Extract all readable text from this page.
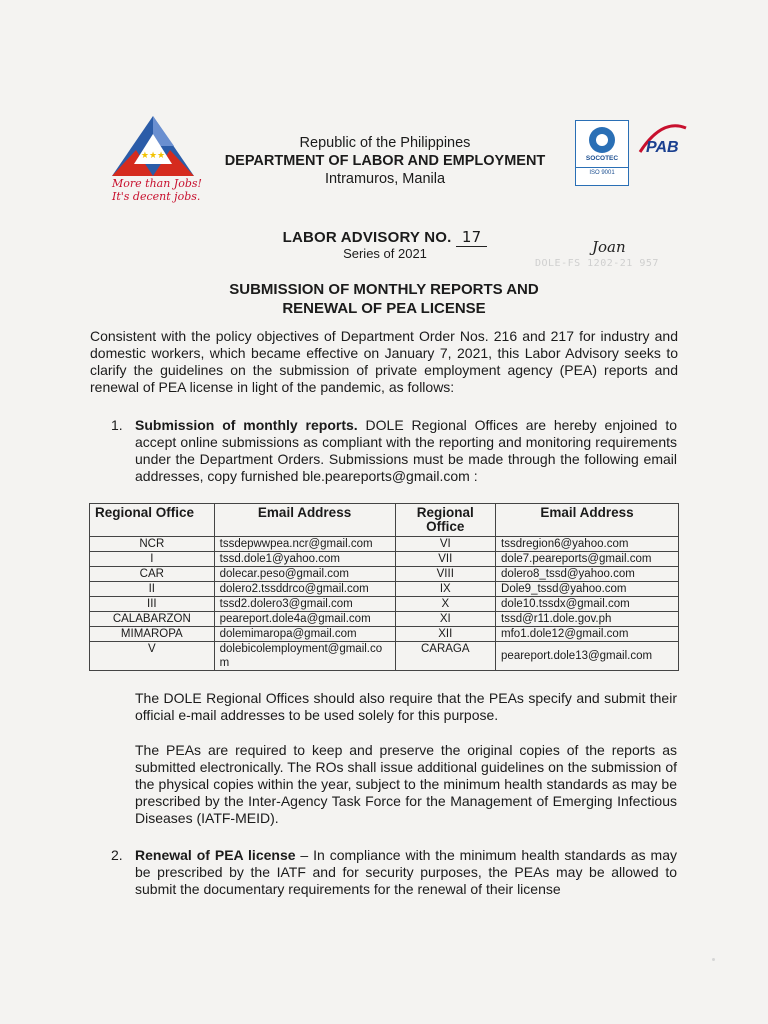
★★★
More than Jobs!
It's decent jobs.
Republic of the Philippines
DEPARTMENT OF LABOR AND EMPLOYMENT
Intramuros, Manila
SOCOTEC
ISO 9001
PAB
LABOR ADVISORY NO. 17
Series of 2021	Joan
DOLE-FS 1202-21 957
SUBMISSION OF MONTHLY REPORTS AND
RENEWAL OF PEA LICENSE
Consistent with the policy objectives of Department Order Nos. 216 and 217 for industry and domestic workers, which became effective on January 7, 2021, this Labor Advisory seeks to clarify the guidelines on the submission of private employment agency (PEA) reports and renewal of PEA license in light of the pandemic, as follows:
1. Submission of monthly reports. DOLE Regional Offices are hereby enjoined to accept online submissions as compliant with the reporting and monitoring requirements under the Department Orders. Submissions must be made through the following email addresses, copy furnished ble.peareports@gmail.com :
Regional Office	Email Address	Regional Office	Email Address
NCR	tssdepwwpea.ncr@gmail.com	VI	tssdregion6@yahoo.com
I	tssd.dole1@yahoo.com	VII	dole7.peareports@gmail.com
CAR	dolecar.peso@gmail.com	VIII	dolero8_tssd@yahoo.com
II	dolero2.tssddrco@gmail.com	IX	Dole9_tssd@yahoo.com
III	tssd2.dolero3@gmail.com	X	dole10.tssdx@gmail.com
CALABARZON	peareport.dole4a@gmail.com	XI	tssd@r11.dole.gov.ph
MIMAROPA	dolemimaropa@gmail.com	XII	mfo1.dole12@gmail.com
V	dolebicolemployment@gmail.com	CARAGA	peareport.dole13@gmail.com
The DOLE Regional Offices should also require that the PEAs specify and submit their official e-mail addresses to be used solely for this purpose.
The PEAs are required to keep and preserve the original copies of the reports as submitted electronically. The ROs shall issue additional guidelines on the submission of the physical copies within the year, subject to the minimum health standards as may be prescribed by the Inter-Agency Task Force for the Management of Emerging Infectious Diseases (IATF-MEID).
2. Renewal of PEA license – In compliance with the minimum health standards as may be prescribed by the IATF and for security purposes, the PEAs may be allowed to submit the documentary requirements for the renewal of their license
